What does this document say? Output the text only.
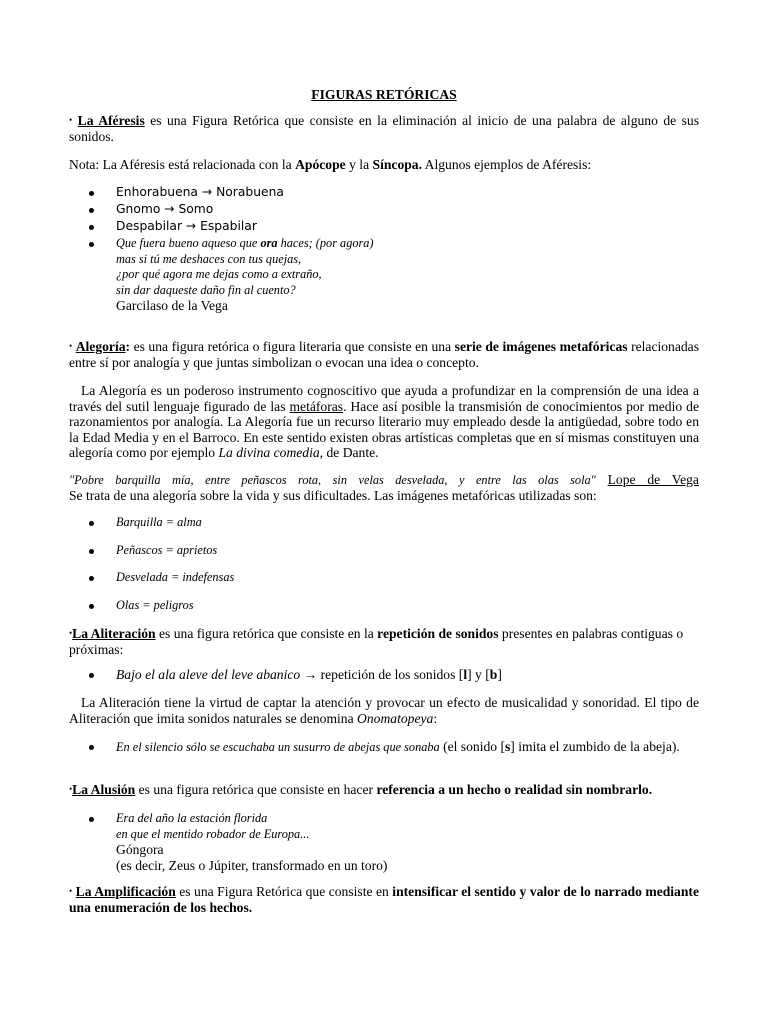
FIGURAS RETÓRICAS
• La Aféresis es una Figura Retórica que consiste en la eliminación al inicio de una palabra de alguno de sus sonidos.
Nota: La Aféresis está relacionada con la Apócope y la Síncopa. Algunos ejemplos de Aféresis:
Enhorabuena → Norabuena
Gnomo → Somo
Despabilar → Espabilar
Que fuera bueno aqueso que ora haces; (por agora)
mas si tú me deshaces con tus quejas,
¿por qué agora me dejas como a extraño,
sin dar daqueste daño fin al cuento?
Garcilaso de la Vega
• Alegoría: es una figura retórica o figura literaria que consiste en una serie de imágenes metafóricas relacionadas entre sí por analogía y que juntas simbolizan o evocan una idea o concepto.
La Alegoría es un poderoso instrumento cognoscitivo que ayuda a profundizar en la comprensión de una idea a través del sutil lenguaje figurado de las metáforas. Hace así posible la transmisión de conocimientos por medio de razonamientos por analogía. La Alegoría fue un recurso literario muy empleado desde la antigüedad, sobre todo en la Edad Media y en el Barroco. En este sentido existen obras artísticas completas que en sí mismas constituyen una alegoría como por ejemplo La divina comedia, de Dante.
"Pobre barquilla mía, entre peñascos rota, sin velas desvelada, y entre las olas sola" Lope de Vega
Se trata de una alegoría sobre la vida y sus dificultades. Las imágenes metafóricas utilizadas son:
Barquilla = alma
Peñascos = aprietos
Desvelada = indefensas
Olas = peligros
•La Aliteración es una figura retórica que consiste en la repetición de sonidos presentes en palabras contiguas o próximas:
Bajo el ala aleve del leve abanico → repetición de los sonidos [l] y [b]
La Aliteración tiene la virtud de captar la atención y provocar un efecto de musicalidad y sonoridad. El tipo de Aliteración que imita sonidos naturales se denomina Onomatopeya:
En el silencio sólo se escuchaba un susurro de abejas que sonaba (el sonido [s] imita el zumbido de la abeja).
•La Alusión es una figura retórica que consiste en hacer referencia a un hecho o realidad sin nombrarlo.
Era del año la estación florida
en que el mentido robador de Europa...
Góngora
(es decir, Zeus o Júpiter, transformado en un toro)
• La Amplificación es una Figura Retórica que consiste en intensificar el sentido y valor de lo narrado mediante una enumeración de los hechos.
